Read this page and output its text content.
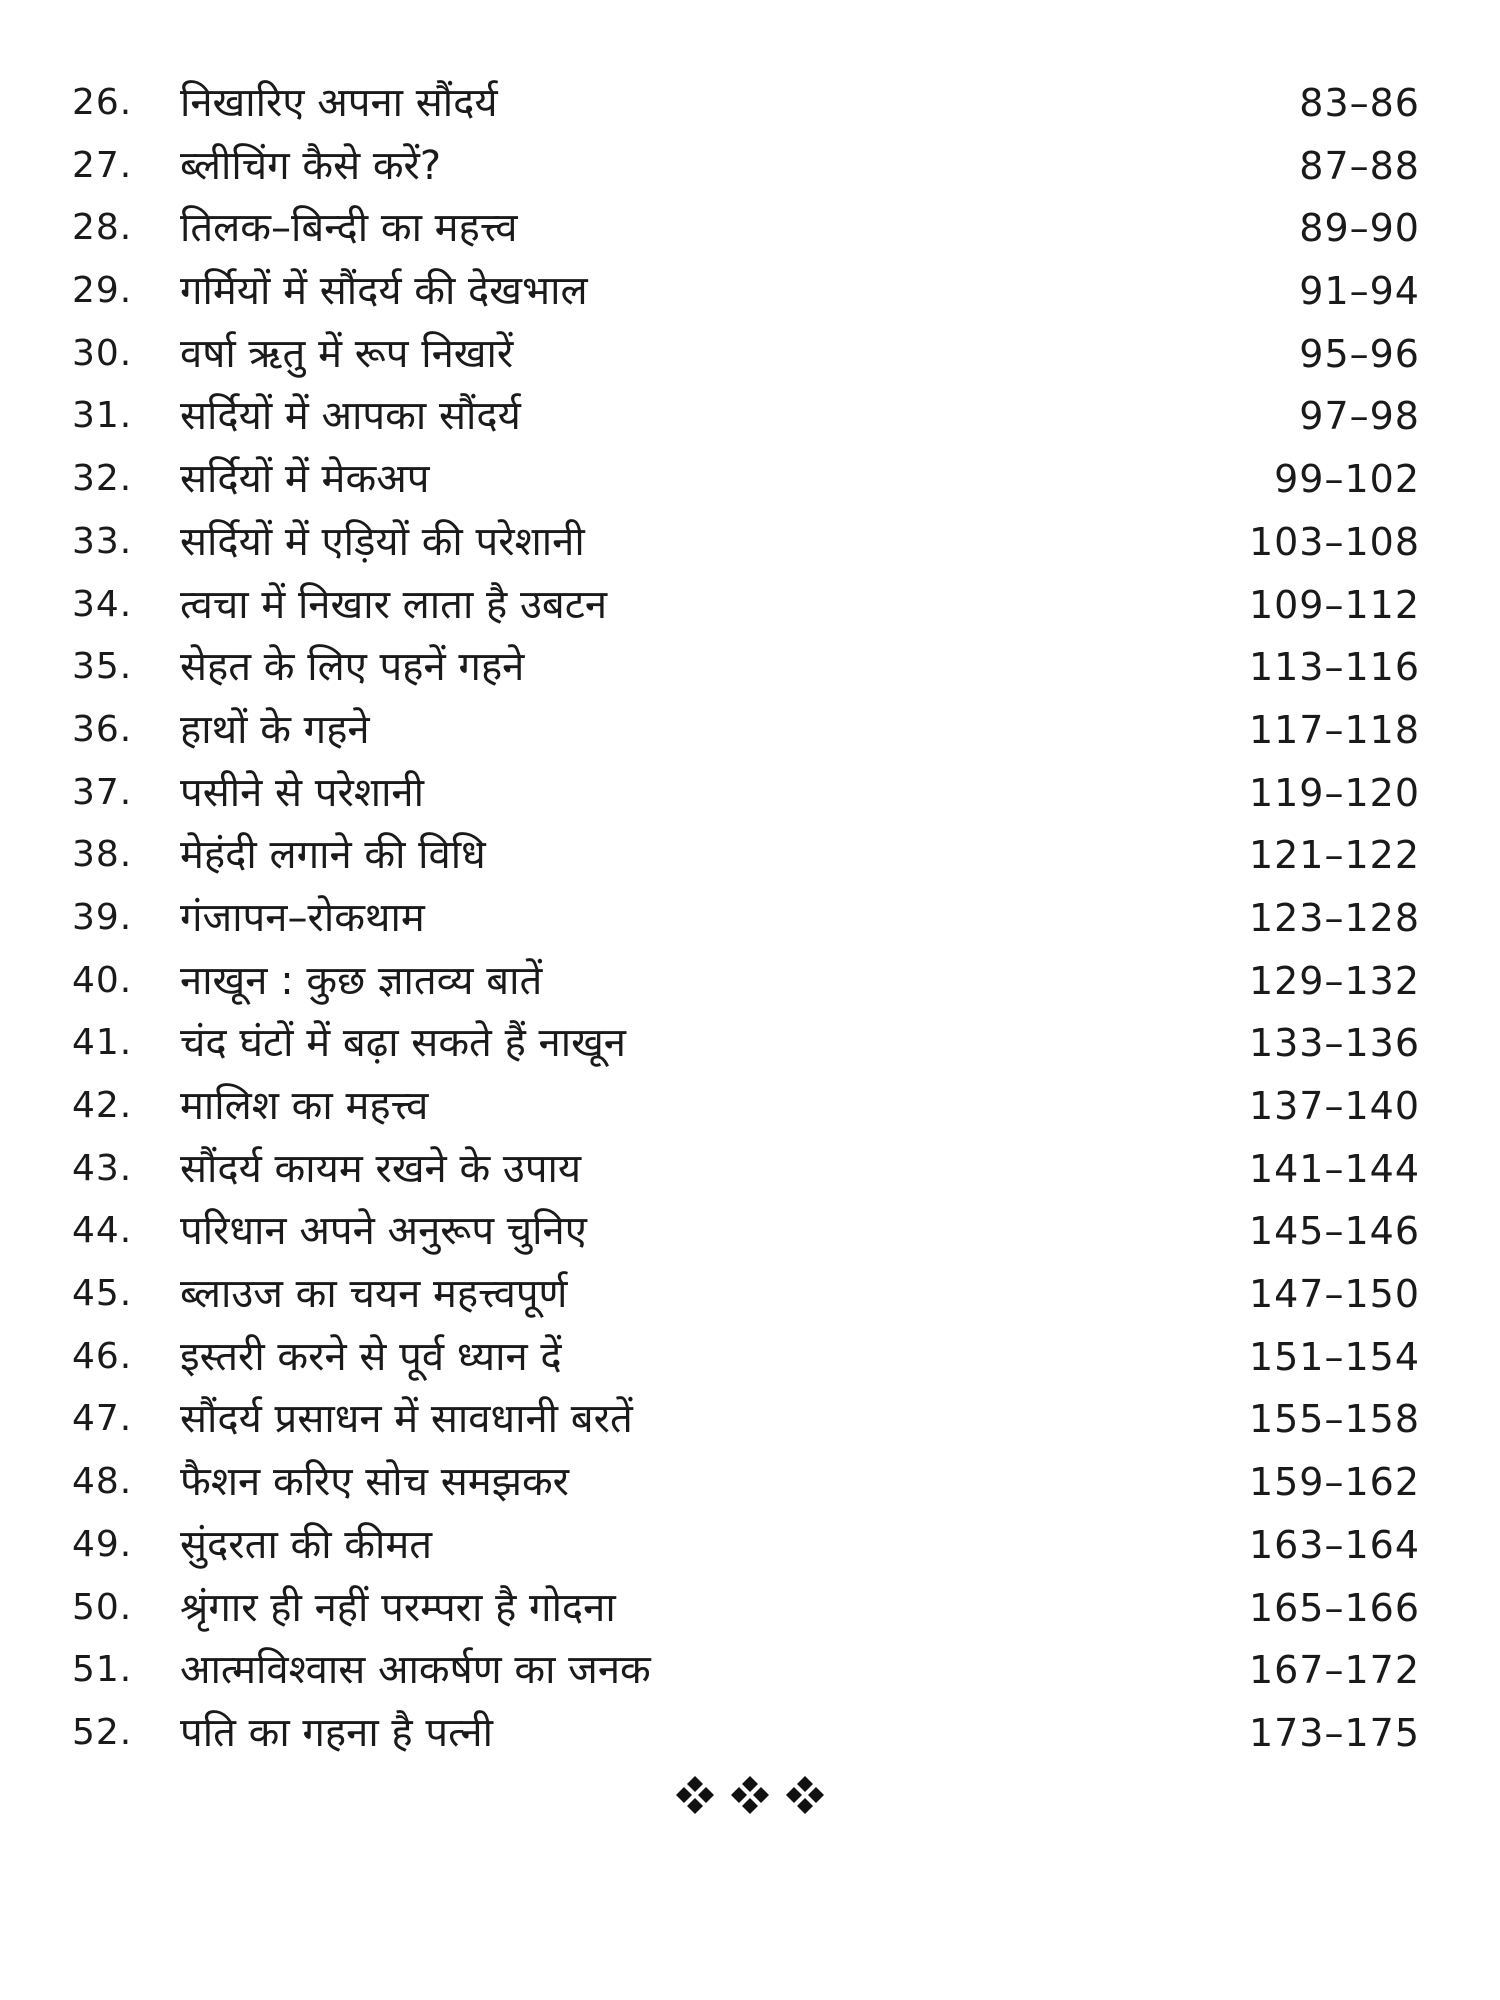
26.	निखारिए अपना सौंदर्य	83–86
27.	ब्लीचिंग कैसे करें?	87–88
28.	तिलक–बिन्दी का महत्त्व	89–90
29.	गर्मियों में सौंदर्य की देखभाल	91–94
30.	वर्षा ऋतु में रूप निखारें	95–96
31.	सर्दियों में आपका सौंदर्य	97–98
32.	सर्दियों में मेकअप	99–102
33.	सर्दियों में एड़ियों की परेशानी	103–108
34.	त्वचा में निखार लाता है उबटन	109–112
35.	सेहत के लिए पहनें गहने	113–116
36.	हाथों के गहने	117–118
37.	पसीने से परेशानी	119–120
38.	मेहंदी लगाने की विधि	121–122
39.	गंजापन–रोकथाम	123–128
40.	नाखून : कुछ ज्ञातव्य बातें	129–132
41.	चंद घंटों में बढ़ा सकते हैं नाखून	133–136
42.	मालिश का महत्त्व	137–140
43.	सौंदर्य कायम रखने के उपाय	141–144
44.	परिधान अपने अनुरूप चुनिए	145–146
45.	ब्लाउज का चयन महत्त्वपूर्ण	147–150
46.	इस्तरी करने से पूर्व ध्यान दें	151–154
47.	सौंदर्य प्रसाधन में सावधानी बरतें	155–158
48.	फैशन करिए सोच समझकर	159–162
49.	सुंदरता की कीमत	163–164
50.	श्रृंगार ही नहीं परम्परा है गोदना	165–166
51.	आत्मविश्वास आकर्षण का जनक	167–172
52.	पति का गहना है पत्नी	173–175
